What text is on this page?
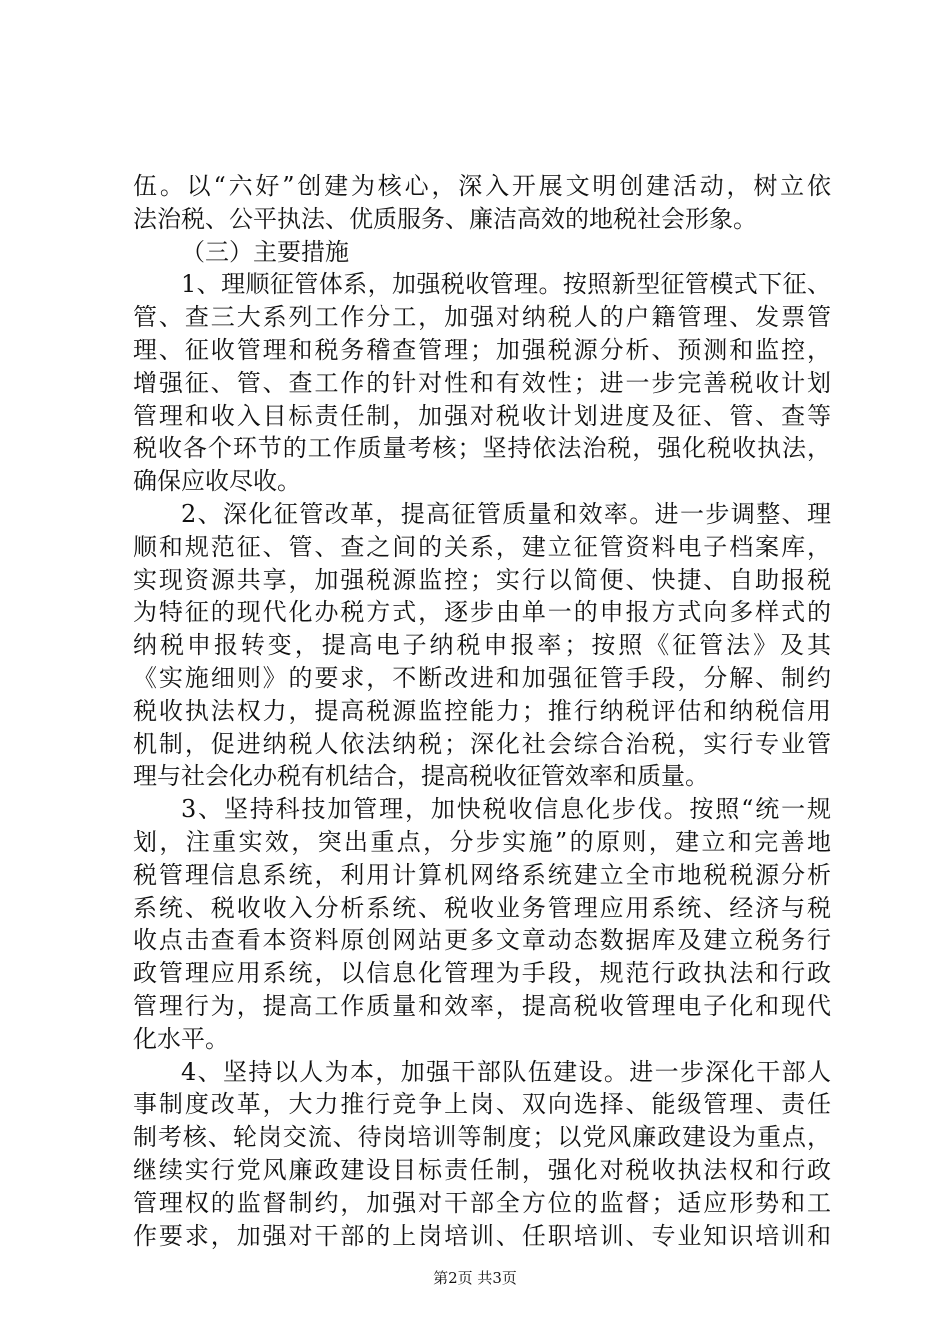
伍。以“六好”创建为核心，深入开展文明创建活动，树立依
法治税、公平执法、优质服务、廉洁高效的地税社会形象。
（三）主要措施
1、理顺征管体系，加强税收管理。按照新型征管模式下征、
管、查三大系列工作分工，加强对纳税人的户籍管理、发票管
理、征收管理和税务稽查管理；加强税源分析、预测和监控，
增强征、管、查工作的针对性和有效性；进一步完善税收计划
管理和收入目标责任制，加强对税收计划进度及征、管、查等
税收各个环节的工作质量考核；坚持依法治税，强化税收执法，
确保应收尽收。
2、深化征管改革，提高征管质量和效率。进一步调整、理
顺和规范征、管、查之间的关系，建立征管资料电子档案库，
实现资源共享，加强税源监控；实行以简便、快捷、自助报税
为特征的现代化办税方式，逐步由单一的申报方式向多样式的
纳税申报转变，提高电子纳税申报率；按照《征管法》及其
《实施细则》的要求，不断改进和加强征管手段，分解、制约
税收执法权力，提高税源监控能力；推行纳税评估和纳税信用
机制，促进纳税人依法纳税；深化社会综合治税，实行专业管
理与社会化办税有机结合，提高税收征管效率和质量。
3、坚持科技加管理，加快税收信息化步伐。按照“统一规
划，注重实效，突出重点，分步实施”的原则，建立和完善地
税管理信息系统，利用计算机网络系统建立全市地税税源分析
系统、税收收入分析系统、税收业务管理应用系统、经济与税
收点击查看本资料原创网站更多文章动态数据库及建立税务行
政管理应用系统，以信息化管理为手段，规范行政执法和行政
管理行为，提高工作质量和效率，提高税收管理电子化和现代
化水平。
4、坚持以人为本，加强干部队伍建设。进一步深化干部人
事制度改革，大力推行竞争上岗、双向选择、能级管理、责任
制考核、轮岗交流、待岗培训等制度；以党风廉政建设为重点，
继续实行党风廉政建设目标责任制，强化对税收执法权和行政
管理权的监督制约，加强对干部全方位的监督；适应形势和工
作要求，加强对干部的上岗培训、任职培训、专业知识培训和
第2页 共3页
